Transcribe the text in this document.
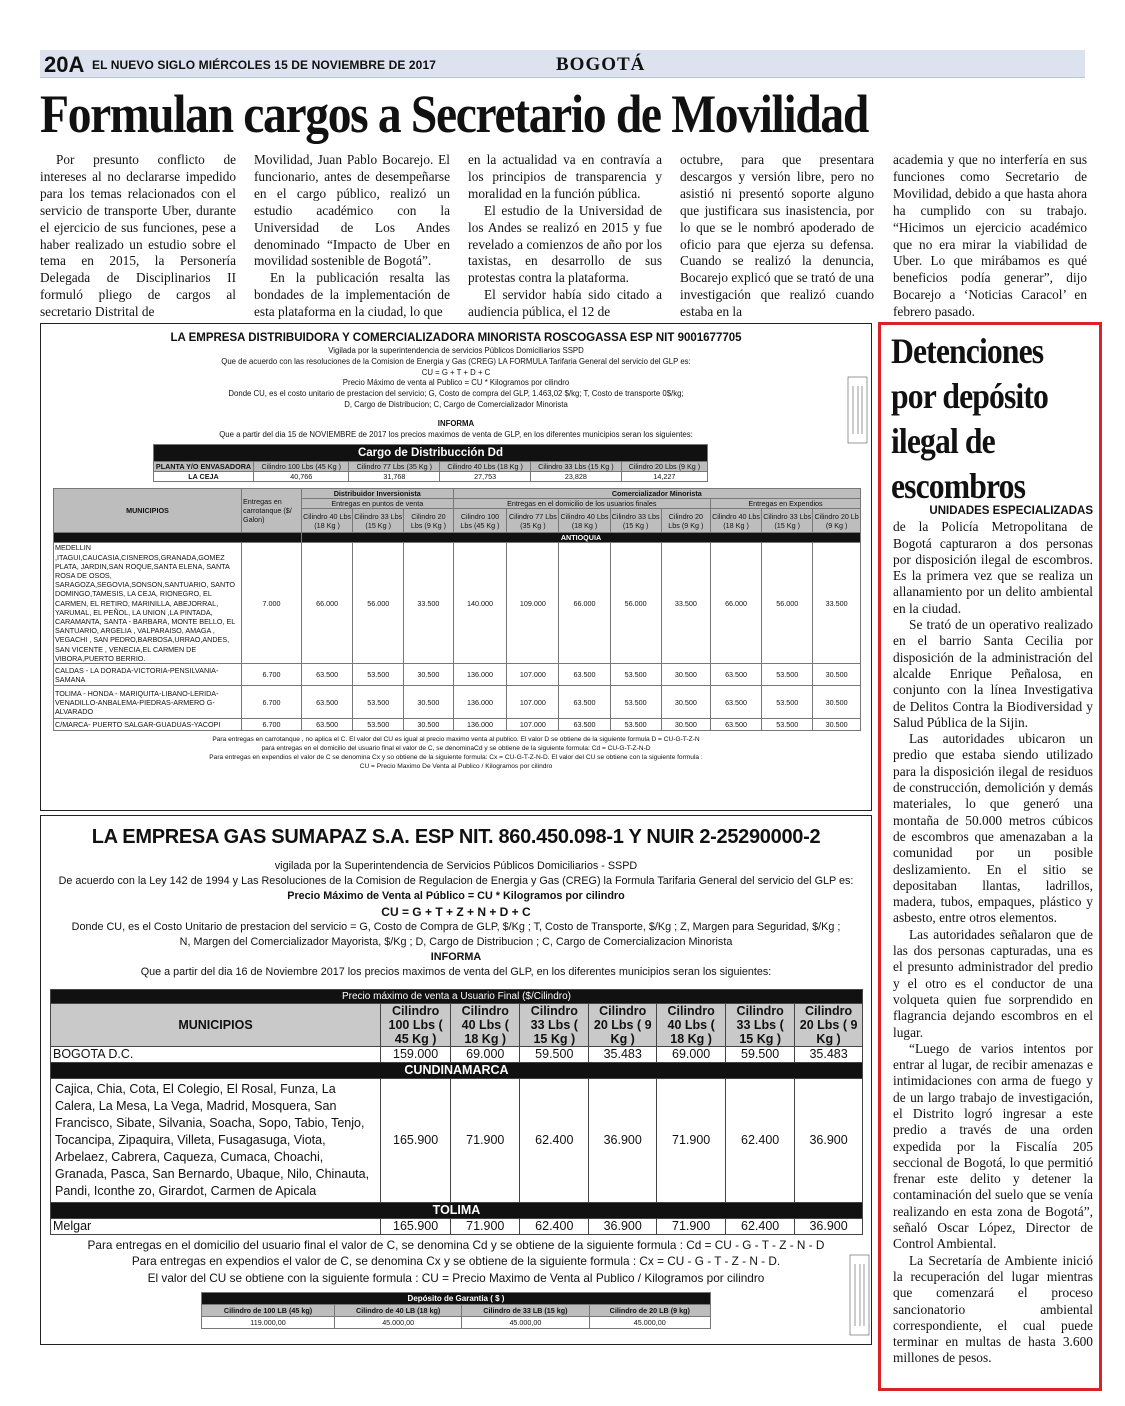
20A EL NUEVO SIGLO MIÉRCOLES 15 DE NOVIEMBRE DE 2017	BOGOTÁ
Formulan cargos a Secretario de Movilidad

Por presunto conflicto de intereses al no declararse impedido para los temas relacionados con el servicio de transporte Uber, durante el ejercicio de sus funciones, pese a haber realizado un estudio sobre el tema en 2015, la Personería Delegada de Disciplinarios II formuló pliego de cargos al secretario Distrital de

Movilidad, Juan Pablo Bocarejo. El funcionario, antes de desempeñarse en el cargo público, realizó un estudio académico con la Universidad de Los Andes denominado “Impacto de Uber en movilidad sostenible de Bogotá”.

En la publicación resalta las bondades de la implementación de esta plataforma en la ciudad, lo que

en la actualidad va en contravía a los principios de transparencia y moralidad en la función pública.

El estudio de la Universidad de los Andes se realizó en 2015 y fue revelado a comienzos de año por los taxistas, en desarrollo de sus protestas contra la plataforma.

El servidor había sido citado a audiencia pública, el 12 de

octubre, para que presentara descargos y versión libre, pero no asistió ni presentó soporte alguno que justificara sus inasistencia, por lo que se le nombró apoderado de oficio para que ejerza su defensa. Cuando se realizó la denuncia, Bocarejo explicó que se trató de una investigación que realizó cuando estaba en la

academia y que no interfería en sus funciones como Secretario de Movilidad, debido a que hasta ahora ha cumplido con su trabajo. “Hicimos un ejercicio académico que no era mirar la viabilidad de Uber. Lo que mirábamos es qué beneficios podía generar”, dijo Bocarejo a ‘Noticias Caracol’ en febrero pasado.

LA EMPRESA DISTRIBUIDORA Y COMERCIALIZADORA MINORISTA ROSCOGASSA ESP NIT 9001677705
Vigilada por la superintendencia de servicios Públicos Domiciliarios SSPD
Que de acuerdo con las resoluciones de la Comision de Energia y Gas (CREG) LA FORMULA Tarifaria General del servicio del GLP es:
CU = G + T + D + C
Precio Máximo de venta al Publico = CU * Kilogramos por cilindro
Donde CU, es el costo unitario de prestacion del servicio; G, Costo de compra del GLP, 1.463,02 $/kg; T, Costo de transporte 0$/kg;
D, Cargo de Distribucion; C, Cargo de Comercializador Minorista
INFORMA
Que a partir del dia 15 de NOVIEMBRE de 2017 los precios maximos de venta de GLP, en los diferentes municipios seran los siguientes:
Cargo de Distribucción Dd					
PLANTA Y/O ENVASADORA	Cilindro 100 Lbs (45 Kg )	Cilindro 77 Lbs (35 Kg )	Cilindro 40 Lbs (18 Kg )	Cilindro 33 Lbs (15 Kg )	Cilindro 20 Lbs (9 Kg )
LA CEJA	40,766	31,768	27,753	23,828	14,227
MUNICIPIOS	Entregas en carrotanque ($/ Galon)	Distribuidor Inversionista			Comercializador Minorista							
		Entregas en puntos de venta			Entregas en el domicilio de los usuarios finales					Entregas en Expendios		
		Cilindro 40 Lbs (18 Kg )	Cilindro 33 Lbs (15 Kg )	Cilindro 20 Lbs (9 Kg )	Cilindro 100 Lbs (45 Kg )	Cilindro 77 Lbs (35 Kg )	Cilindro 40 Lbs (18 Kg )	Cilindro 33 Lbs (15 Kg )	Cilindro 20 Lbs (9 Kg )	Cilindro 40 Lbs (18 Kg )	Cilindro 33 Lbs (15 Kg )	Cilindro 20 Lb (9 Kg )
		ANTIOQUIA										
MEDELLIN ,ITAGUI,CAUCASIA,CISNEROS,GRANADA,GOMEZ PLATA, JARDIN,SAN ROQUE,SANTA ELENA, SANTA ROSA DE OSOS, SARAGOZA,SEGOVIA,SONSON,SANTUARIO, SANTO DOMINGO,TAMESIS, LA CEJA, RIONEGRO, EL CARMEN, EL RETIRO, MARINILLA, ABEJORRAL, YARUMAL, EL PEÑOL, LA UNION ,LA PINTADA, CARAMANTA, SANTA - BARBARA, MONTE BELLO, EL SANTUARIO, ARGELIA , VALPARAISO, AMAGA , VEGACHI , SAN PEDRO,BARBOSA,URRAO,ANDES, SAN VICENTE , VENECIA,EL CARMEN DE VIBORA,PUERTO BERRIO.	7.000	66.000	56.000	33.500	140.000	109.000	66.000	56.000	33.500	66.000	56.000	33.500
CALDAS - LA DORADA-VICTORIA-PENSILVANIA-SAMANA	6.700	63.500	53.500	30.500	136.000	107.000	63.500	53.500	30.500	63.500	53.500	30.500
TOLIMA - HONDA - MARIQUITA-LIBANO-LERIDA-VENADILLO-ANBALEMA-PIEDRAS-ARMERO G-ALVARADO	6.700	63.500	53.500	30.500	136.000	107.000	63.500	53.500	30.500	63.500	53.500	30.500
C/MARCA- PUERTO SALGAR-GUADUAS-YACOPI	6.700	63.500	53.500	30.500	136.000	107.000	63.500	53.500	30.500	63.500	53.500	30.500
Para entregas en carrotanque , no aplica el C. El valor del CU es igual al precio maximo venta al publico. El valor D se obtiene de la siguiente formula D = CU-G-T-Z-N
para entregas en el domicilio del usuario final el valor de C, se denominaCd y se obtiene de la siguiente formula: Cd = CU-G-T-Z-N-D
Para entregas en expendios el valor de C se denomina Cx y so obtiene de la siguiente formula: Cx = CU-G-T-Z-N-D. El valor del CU se obtiene con la siguiente formula :
CU = Precio Maximo De Venta al Publico / Kilogramos por cilindro
LA EMPRESA GAS SUMAPAZ S.A. ESP NIT. 860.450.098-1 Y NUIR 2-25290000-2
vigilada por la Superintendencia de Servicios Públicos Domiciliarios - SSPD
De acuerdo con la Ley 142 de 1994 y Las Resoluciones de la Comision de Regulacion de Energia y Gas (CREG) la Formula Tarifaria General del servicio del GLP es:
Precio Máximo de Venta al Público = CU * Kilogramos por cilindro
CU = G + T + Z + N + D + C
Donde CU, es el Costo Unitario de prestacion del servicio = G, Costo de Compra de GLP, $/Kg ; T, Costo de Transporte, $/Kg ; Z, Margen para Seguridad, $/Kg ;
N, Margen del Comercializador Mayorista, $/Kg ; D, Cargo de Distribucion ; C, Cargo de Comercializacion Minorista
INFORMA
Que a partir del dia 16 de Noviembre 2017 los precios maximos de venta del GLP, en los diferentes municipios seran los siguientes:
Precio máximo de venta a Usuario Final ($/Cilindro)							
MUNICIPIOS	Cilindro 100 Lbs ( 45 Kg )	Cilindro 40 Lbs ( 18 Kg )	Cilindro 33 Lbs ( 15 Kg )	Cilindro 20 Lbs ( 9 Kg )	Cilindro 40 Lbs ( 18 Kg )	Cilindro 33 Lbs ( 15 Kg )	Cilindro 20 Lbs ( 9 Kg )
BOGOTA D.C.	159.000	69.000	59.500	35.483	69.000	59.500	35.483
CUNDINAMARCA							
Cajica, Chia, Cota, El Colegio, El Rosal, Funza, La Calera, La Mesa, La Vega, Madrid, Mosquera, San Francisco, Sibate, Silvania, Soacha, Sopo, Tabio, Tenjo, Tocancipa, Zipaquira, Villeta, Fusagasuga, Viota, Arbelaez, Cabrera, Caqueza, Cumaca, Choachi, Granada, Pasca, San Bernardo, Ubaque, Nilo, Chinauta, Pandi, Iconthe zo, Girardot, Carmen de Apicala	165.900	71.900	62.400	36.900	71.900	62.400	36.900
TOLIMA							
Melgar	165.900	71.900	62.400	36.900	71.900	62.400	36.900
Para entregas en el domicilio del usuario final el valor de C, se denomina Cd y se obtiene de la siguiente formula : Cd = CU - G - T - Z - N - D
Para entregas en expendios el valor de C, se denomina Cx y se obtiene de la siguiente formula : Cx = CU - G - T - Z - N - D.
El valor del CU se obtiene con la siguiente formula : CU = Precio Maximo de Venta al Publico / Kilogramos por cilindro
Depósito de Garantia ( $ )			
Cilindro de 100 LB (45 kg)	Cilindro de 40 LB (18 kg)	Cilindro de 33 LB (15 kg)	Cilindro de 20 LB (9 kg)
119.000,00	45.000,00	45.000,00	45.000,00
Detenciones
por depósito
ilegal de
escombros

UNIDADES ESPECIALIZADAS
de la Policía Metropolitana de Bogotá capturaron a dos personas por disposición ilegal de escombros. Es la primera vez que se realiza un allanamiento por un delito ambiental en la ciudad.

Se trató de un operativo realizado en el barrio Santa Cecilia por disposición de la administración del alcalde Enrique Peñalosa, en conjunto con la línea Investigativa de Delitos Contra la Biodiversidad y Salud Pública de la Sijin.

Las autoridades ubicaron un predio que estaba siendo utilizado para la disposición ilegal de residuos de construcción, demolición y demás materiales, lo que generó una montaña de 50.000 metros cúbicos de escombros que amenazaban a la comunidad por un posible deslizamiento. En el sitio se depositaban llantas, ladrillos, madera, tubos, empaques, plástico y asbesto, entre otros elementos.

Las autoridades señalaron que de las dos personas capturadas, una es el presunto administrador del predio y el otro es el conductor de una volqueta quien fue sorprendido en flagrancia dejando escombros en el lugar.

“Luego de varios intentos por entrar al lugar, de recibir amenazas e intimidaciones con arma de fuego y de un largo trabajo de investigación, el Distrito logró ingresar a este predio a través de una orden expedida por la Fiscalía 205 seccional de Bogotá, lo que permitió frenar este delito y detener la contaminación del suelo que se venía realizando en esta zona de Bogotá”, señaló Oscar López, Director de Control Ambiental.

La Secretaría de Ambiente inició la recuperación del lugar mientras que comenzará el proceso sancionatorio ambiental correspondiente, el cual puede terminar en multas de hasta 3.600 millones de pesos.
